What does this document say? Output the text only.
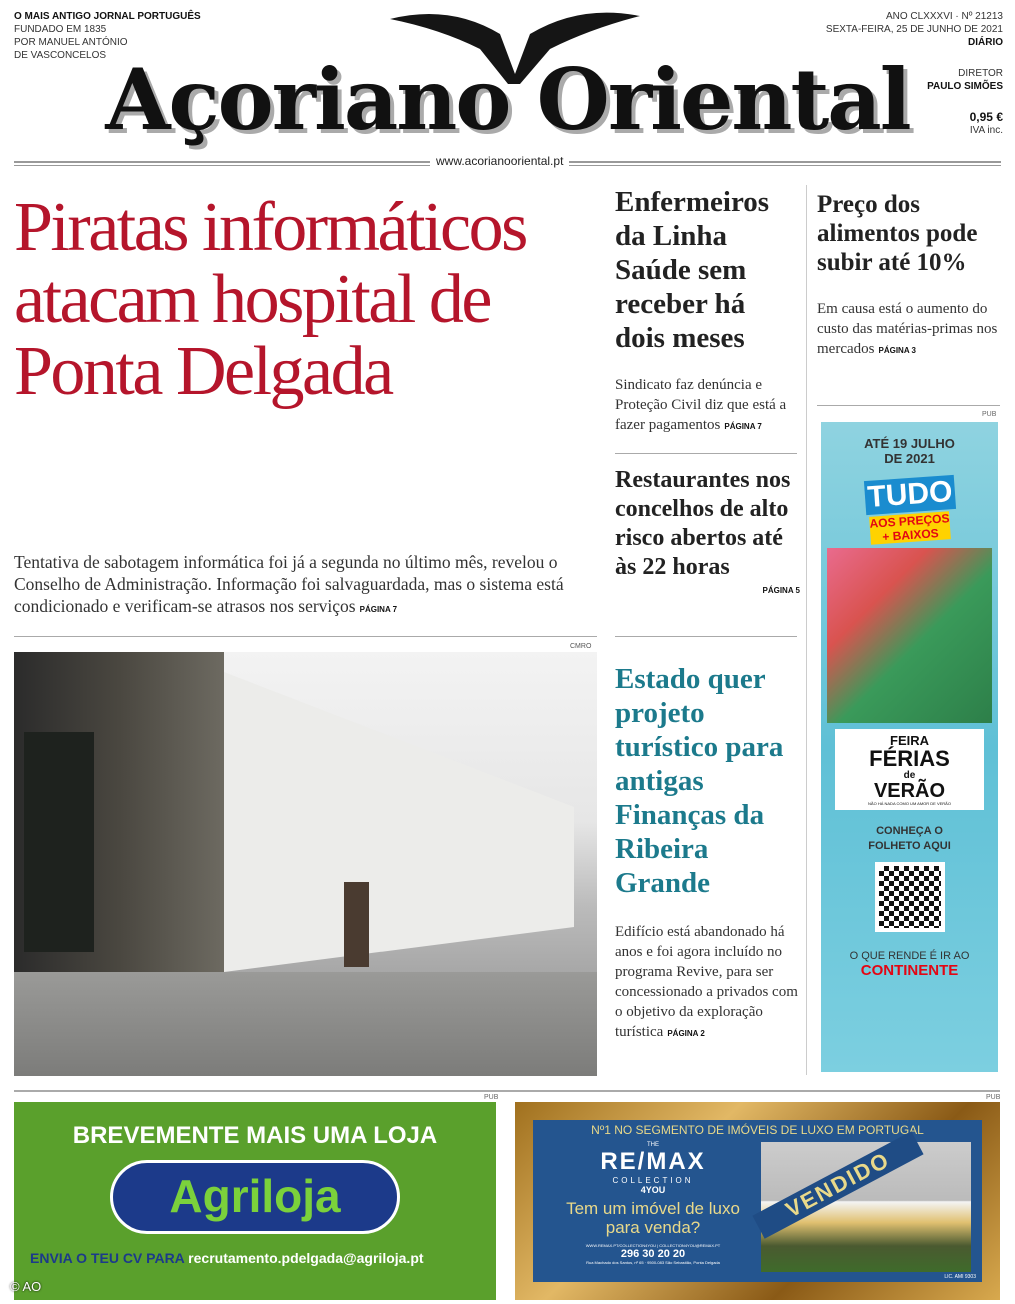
O MAIS ANTIGO JORNAL PORTUGUÊS
FUNDADO EM 1835
POR MANUEL ANTÓNIO
DE VASCONCELOS Açoriano Oriental
ANO CLXXXVI · Nº 21213
SEXTA-FEIRA, 25 DE JUNHO DE 2021
DIÁRIO
DIRETOR
PAULO SIMÕES
0,95 €
IVA inc.
www.acorianooriental.pt
Piratas informáticos atacam hospital de Ponta Delgada
Tentativa de sabotagem informática foi já a segunda no último mês, revelou o Conselho de Administração. Informação foi salvaguardada, mas o sistema está condicionado e verificam-se atrasos nos serviços PÁGINA 7
CMRO
Enfermeiros da Linha Saúde sem receber há dois meses
Sindicato faz denúncia e Proteção Civil diz que está a fazer pagamentos PÁGINA 7
Restaurantes nos concelhos de alto risco abertos até às 22 horas
PÁGINA 5
Estado quer projeto turístico para antigas Finanças da Ribeira Grande
Edifício está abandonado há anos e foi agora incluído no programa Revive, para ser concessionado a privados com o objetivo da exploração turística PÁGINA 2
Preço dos alimentos pode subir até 10%
Em causa está o aumento do custo das matérias-primas nos mercados PÁGINA 3
PUB
ATÉ 19 JULHO DE 2021
TUDO
AOS PREÇOS + BAIXOS
FEIRA
FÉRIAS
de
VERÃO
NÃO HÁ NADA COMO UM AMOR DE VERÃO
CONHEÇA O FOLHETO AQUI
O QUE RENDE É IR AO
CONTINENTE
PUB	PUB
BREVEMENTE MAIS UMA LOJA
Agriloja
ENVIA O TEU CV PARA recrutamento.pdelgada@agriloja.pt
Nº1 NO SEGMENTO DE IMÓVEIS DE LUXO EM PORTUGAL
THE
RE/MAX
COLLECTION
4YOU
Tem um imóvel de luxo para venda?
WWW.REMAX.PT/COLLECTION4YOU | COLLECTION4YOU@REMAX.PT
296 30 20 20
Rua Machado dos Santos, nº 65 · 9500-083 São Sebastião, Ponta Delgada
VENDIDO
LIC. AMI 9303
© AO
